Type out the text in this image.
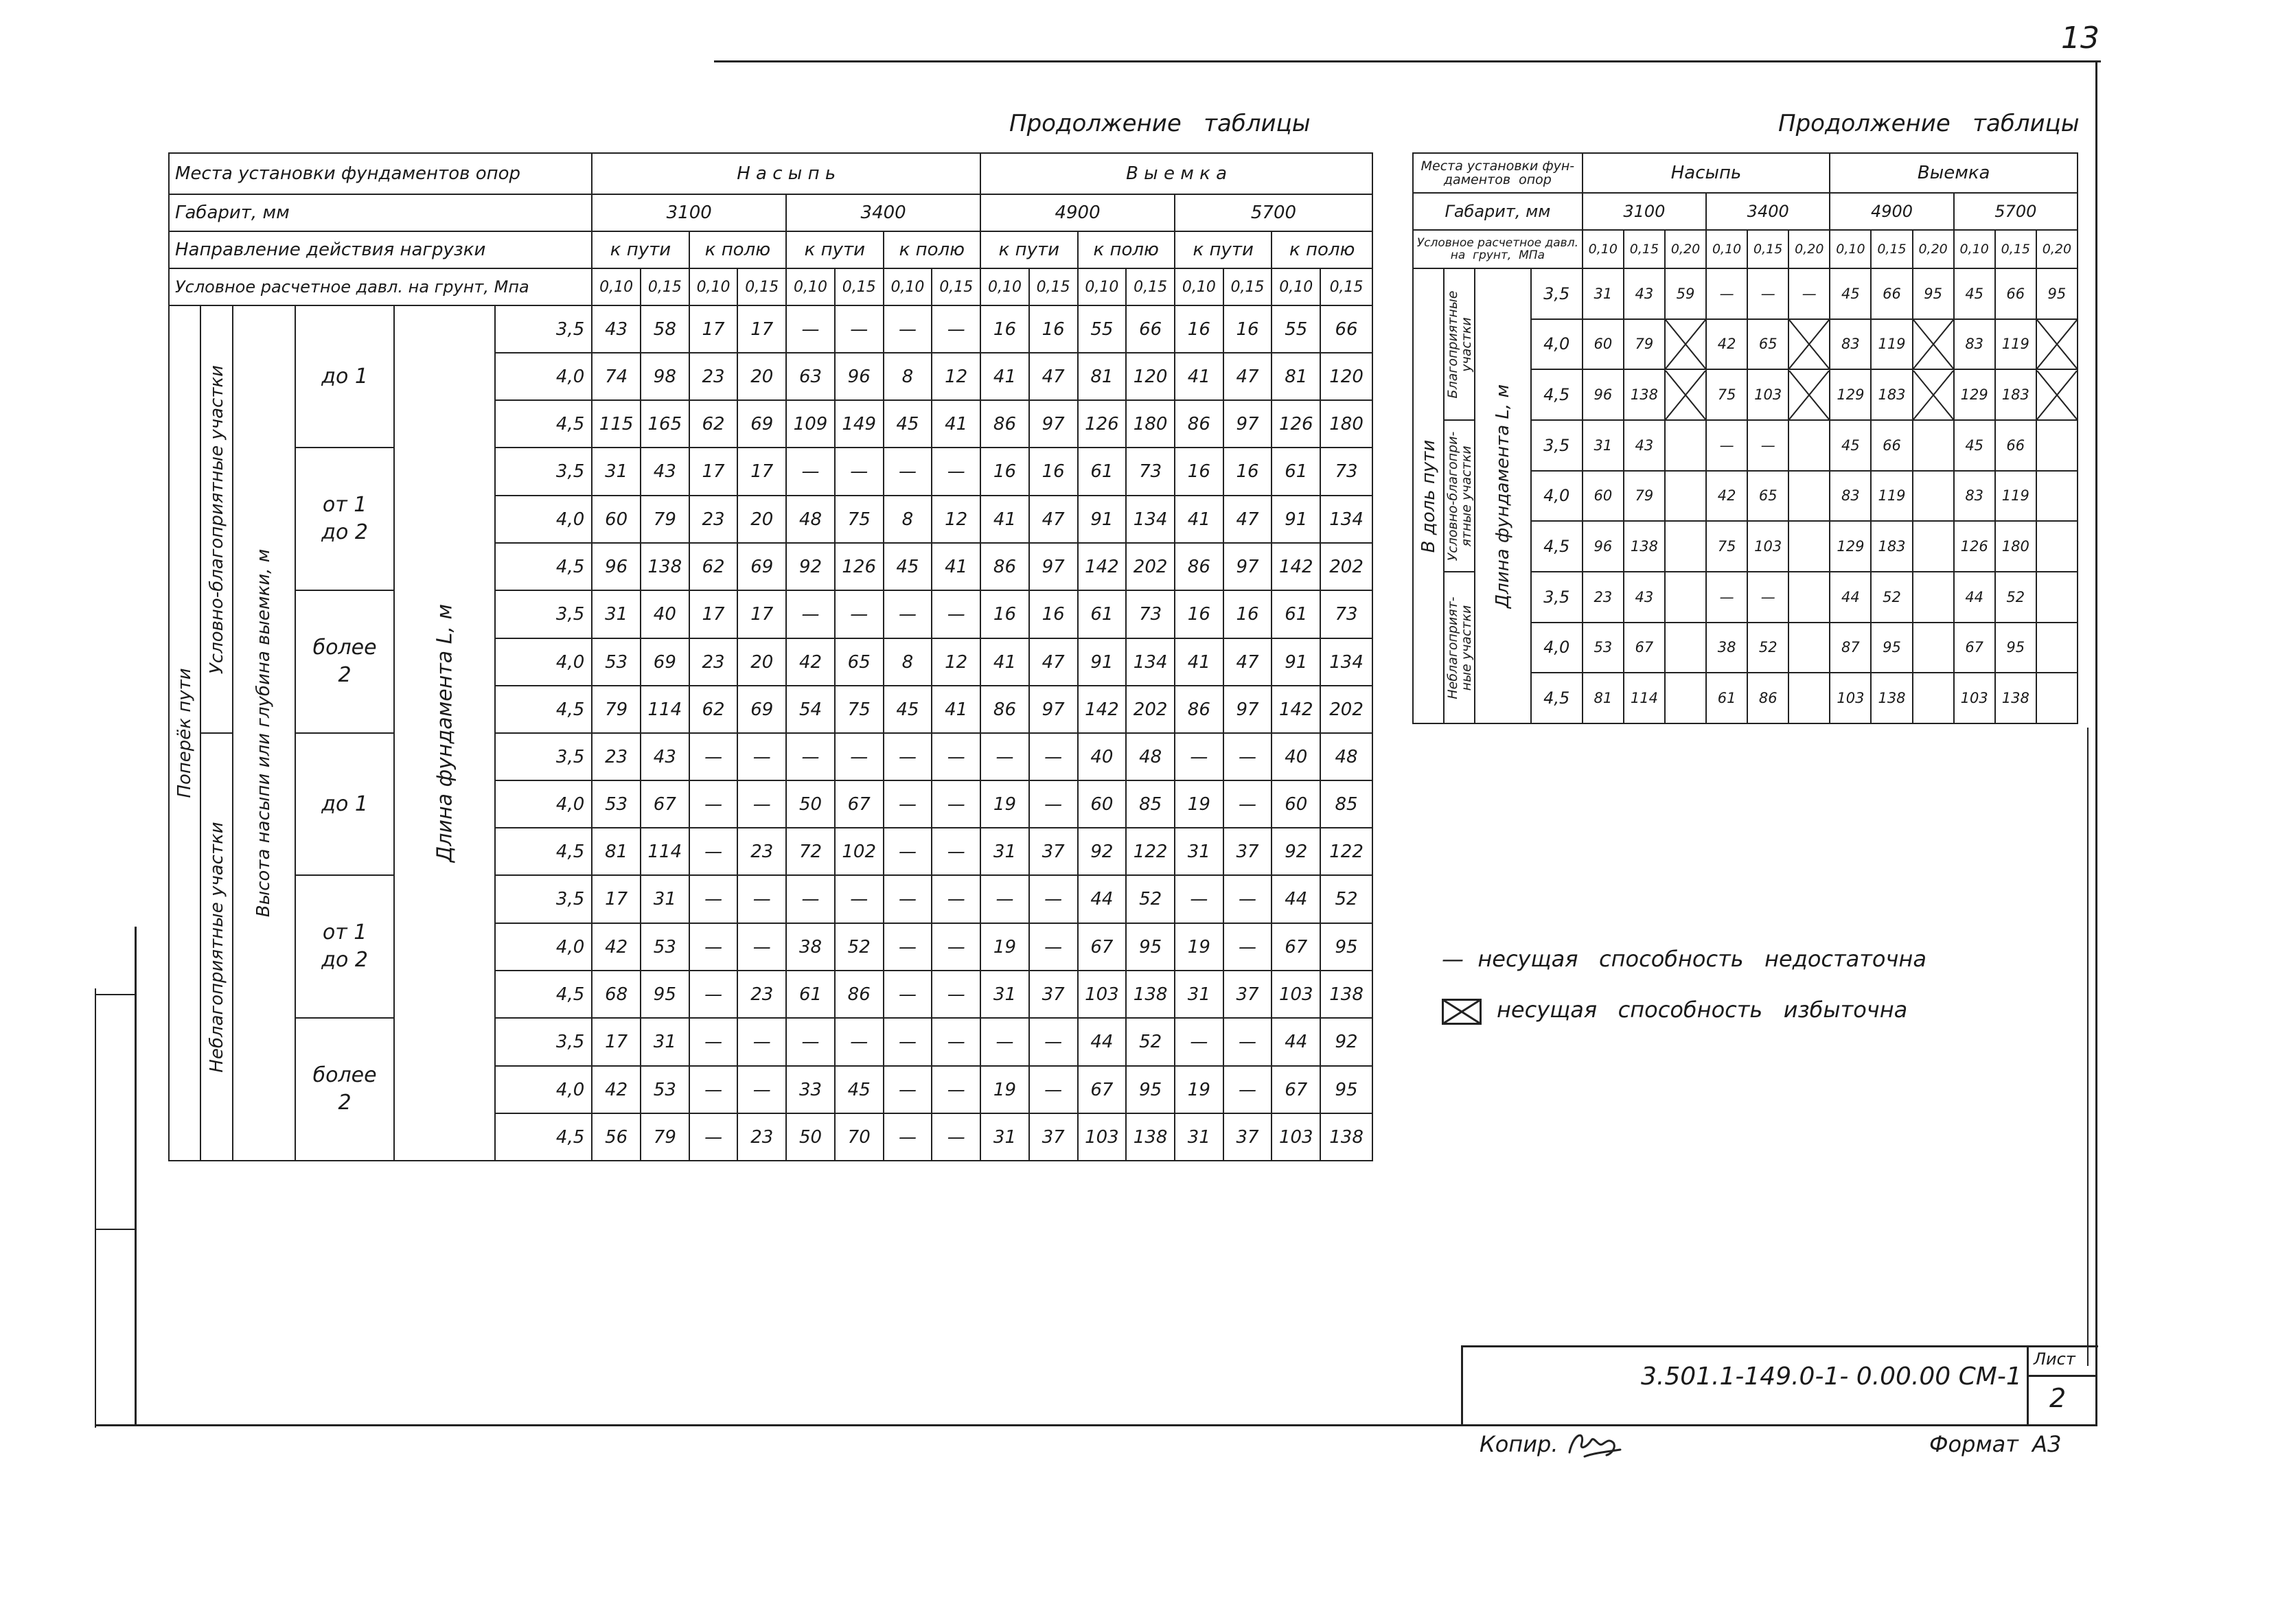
13
Продолжение   таблицы	Продолжение   таблицы
Места установки фундаментов опор						Н а с ы п ь								В ы е м к а							
Габарит, мм						3100				3400				4900				5700			
Направление действия нагрузки						к пути		к полю		к пути		к полю		к пути		к полю		к пути		к полю	
Условное расчетное давл. на грунт, Мпа						0,10	0,15	0,10	0,15	0,10	0,15	0,10	0,15	0,10	0,15	0,10	0,15	0,10	0,15	0,10	0,15

Поперёк пути	Условно-благоприятные участки	Высота насыпи или глубина выемки, м	до 1	Длина фундамента L, м	3,5	43	58	17	17	—	—	—	—	16	16	55	66	16	16	55	66
					4,0	74	98	23	20	63	96	8	12	41	47	81	120	41	47	81	120
					4,5	115	165	62	69	109	149	45	41	86	97	126	180	86	97	126	180
			от 1
до 2		3,5	31	43	17	17	—	—	—	—	16	16	61	73	16	16	61	73
					4,0	60	79	23	20	48	75	8	12	41	47	91	134	41	47	91	134
					4,5	96	138	62	69	92	126	45	41	86	97	142	202	86	97	142	202
			более
2		3,5	31	40	17	17	—	—	—	—	16	16	61	73	16	16	61	73
					4,0	53	69	23	20	42	65	8	12	41	47	91	134	41	47	91	134
					4,5	79	114	62	69	54	75	45	41	86	97	142	202	86	97	142	202

	Неблагоприятные участки		до 1		3,5	23	43	—	—	—	—	—	—	—	—	40	48	—	—	40	48
					4,0	53	67	—	—	50	67	—	—	19	—	60	85	19	—	60	85
					4,5	81	114	—	23	72	102	—	—	31	37	92	122	31	37	92	122
			от 1
до 2		3,5	17	31	—	—	—	—	—	—	—	—	44	52	—	—	44	52
					4,0	42	53	—	—	38	52	—	—	19	—	67	95	19	—	67	95
					4,5	68	95	—	23	61	86	—	—	31	37	103	138	31	37	103	138
			более
2		3,5	17	31	—	—	—	—	—	—	—	—	44	52	—	—	44	92
					4,0	42	53	—	—	33	45	—	—	19	—	67	95	19	—	67	95
					4,5	56	79	—	23	50	70	—	—	31	37	103	138	31	37	103	138
Места установки фун-
даментов  опор				Насыпь						Выемка					
Габарит, мм				3100			3400			4900			5700		
Условное расчетное давл.
на  грунт,  МПа				0,10	0,15	0,20	0,10	0,15	0,20	0,10	0,15	0,20	0,10	0,15	0,20

В доль пути	Благоприятные
участки	Длина фундамента L, м	3,5	31	43	59	—	—	—	45	66	95	45	66	95
			4,0	60	79		42	65		83	119		83	119	

			4,5	96	138		75	103		129	183		129	183	

	Условно-благопри-
ятные участки		3,5	31	43		—	—		45	66		45	66	
			4,0	60	79		42	65		83	119		83	119	
			4,5	96	138		75	103		129	183		126	180	

	Неблагоприят-
ные участки		3,5	23	43		—	—		44	52		44	52	
			4,0	53	67		38	52		87	95		67	95	
			4,5	81	114		61	86		103	138		103	138	
—  несущая   способность   недостаточна
несущая   способность   избыточна
3.501.1-149.0-1- 0.00.00 СМ-1
Лист
2
Копир.	Формат  А3
